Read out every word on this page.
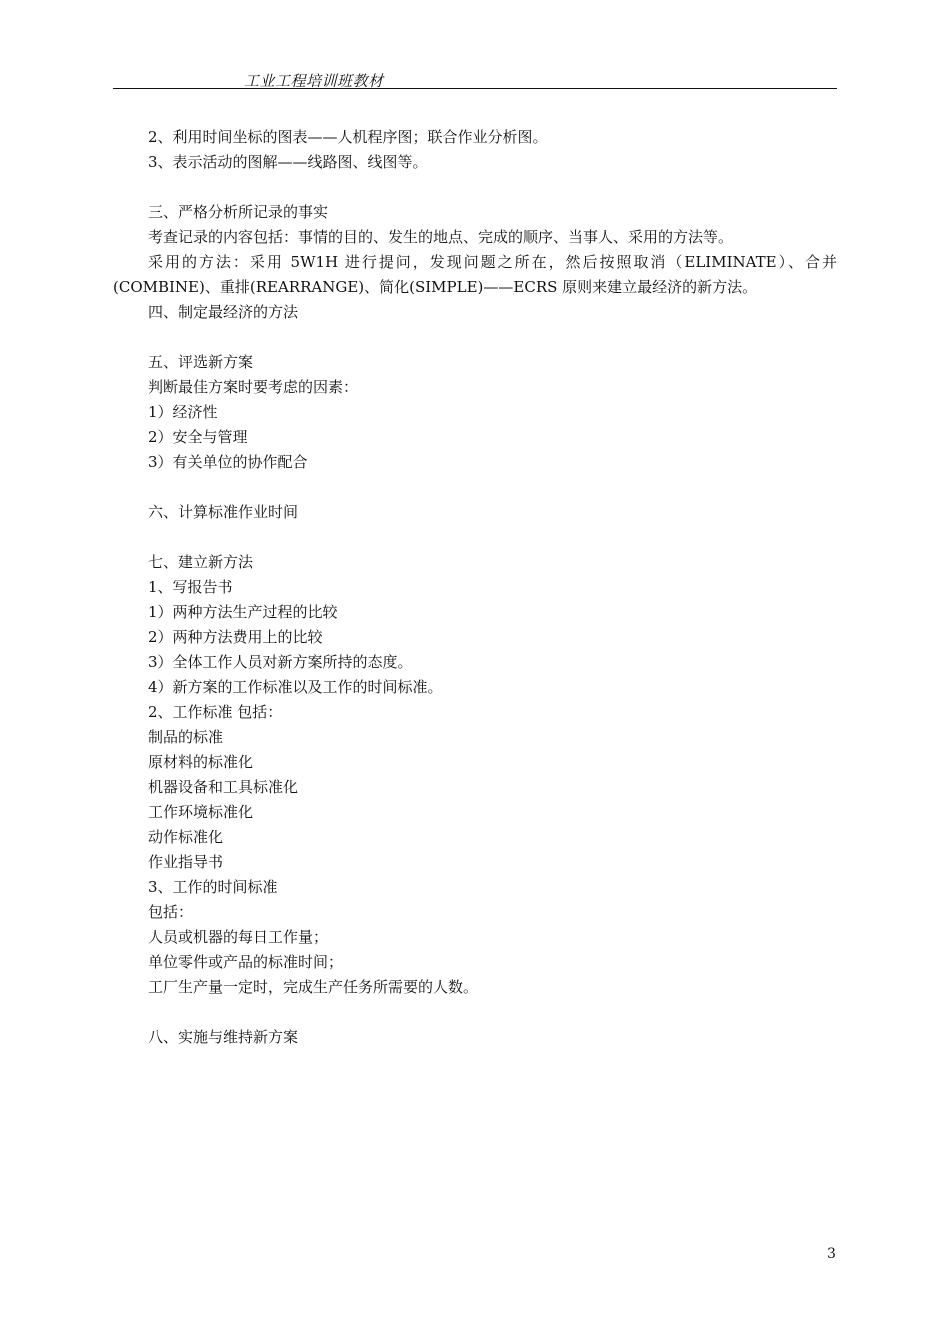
工业工程培训班教材
2、利用时间坐标的图表——人机程序图；联合作业分析图。
3、表示活动的图解——线路图、线图等。
三、严格分析所记录的事实
考查记录的内容包括：事情的目的、发生的地点、完成的顺序、当事人、采用的方法等。
采用的方法：采用 5W1H 进行提问，发现问题之所在，然后按照取消（ELIMINATE）、合并
(COMBINE)、重排(REARRANGE)、简化(SIMPLE)——ECRS 原则来建立最经济的新方法。
四、制定最经济的方法
五、评选新方案
判断最佳方案时要考虑的因素：
1）经济性
2）安全与管理
3）有关单位的协作配合
六、计算标准作业时间
七、建立新方法
1、写报告书
1）两种方法生产过程的比较
2）两种方法费用上的比较
3）全体工作人员对新方案所持的态度。
4）新方案的工作标准以及工作的时间标准。
2、工作标准 包括：
制品的标准
原材料的标准化
机器设备和工具标准化
工作环境标准化
动作标准化
作业指导书
3、工作的时间标准
包括：
人员或机器的每日工作量；
单位零件或产品的标准时间；
工厂生产量一定时，完成生产任务所需要的人数。
八、实施与维持新方案
3
